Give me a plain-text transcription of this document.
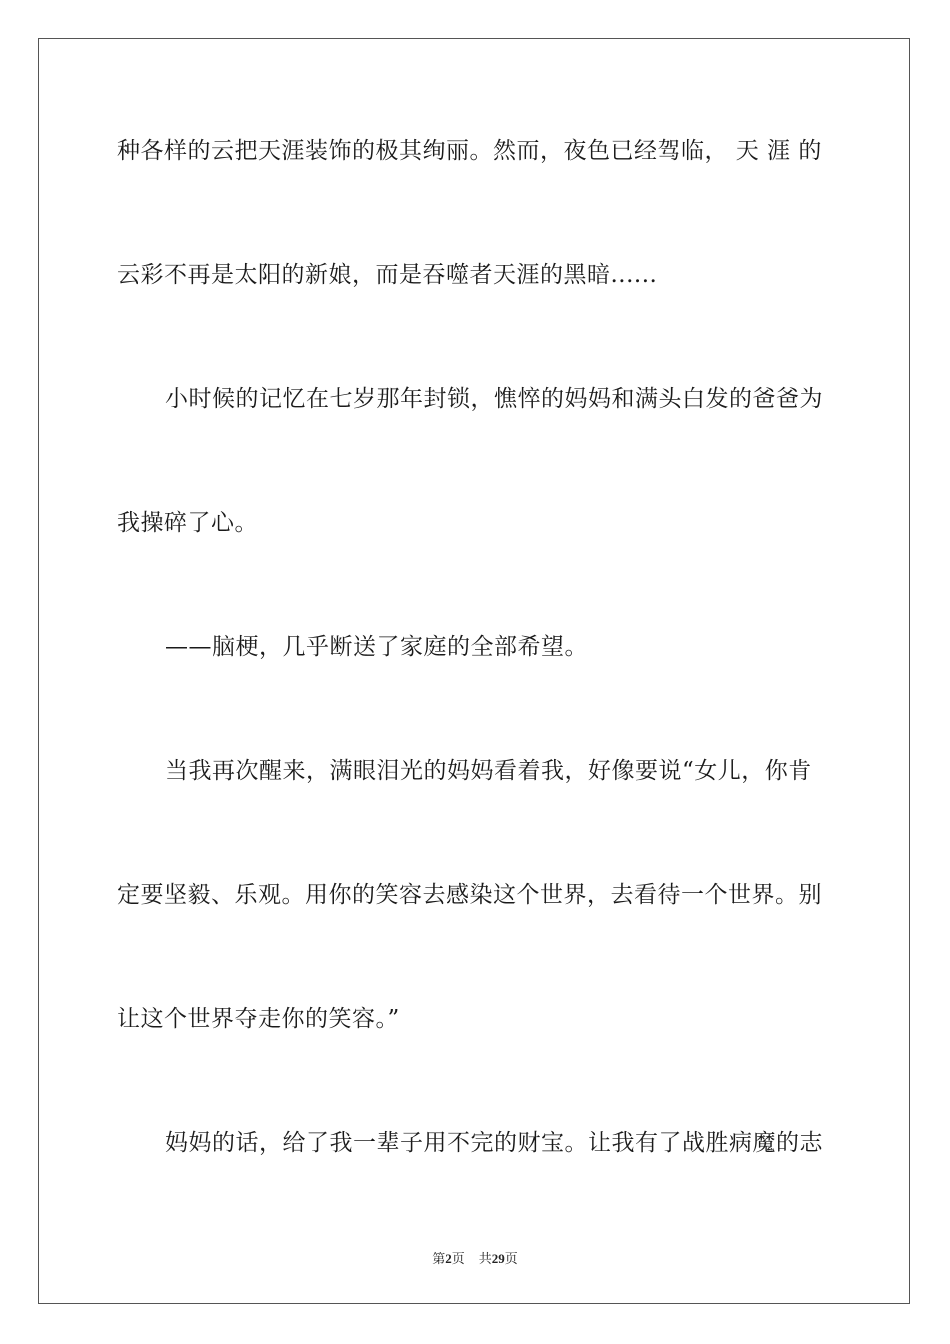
种各样的云把天涯装饰的极其绚丽。然而，夜色已经驾临， 天 涯 的
云彩不再是太阳的新娘，而是吞噬者天涯的黑暗......
小时候的记忆在七岁那年封锁，憔悴的妈妈和满头白发的爸爸为
我操碎了心。
——脑梗，几乎断送了家庭的全部希望。
当我再次醒来，满眼泪光的妈妈看着我，好像要说“女儿，你肯
定要坚毅、乐观。用你的笑容去感染这个世界，去看待一个世界。别
让这个世界夺走你的笑容。”
妈妈的话，给了我一辈子用不完的财宝。让我有了战胜病魔的志
第2页 共29页
